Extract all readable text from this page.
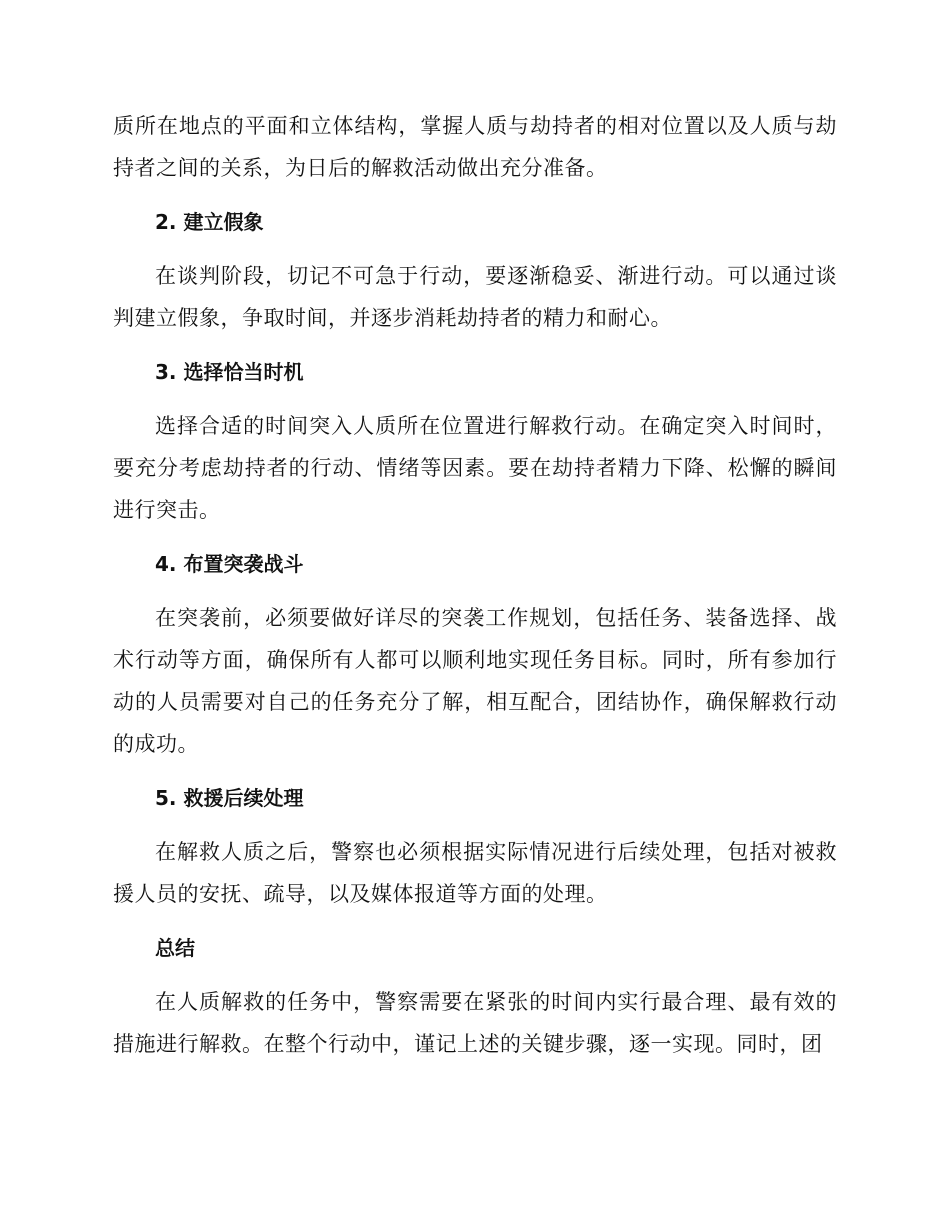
质所在地点的平面和立体结构，掌握人质与劫持者的相对位置以及人质与劫持者之间的关系，为日后的解救活动做出充分准备。

2. 建立假象

在谈判阶段，切记不可急于行动，要逐渐稳妥、渐进行动。可以通过谈判建立假象，争取时间，并逐步消耗劫持者的精力和耐心。

3. 选择恰当时机

选择合适的时间突入人质所在位置进行解救行动。在确定突入时间时，要充分考虑劫持者的行动、情绪等因素。要在劫持者精力下降、松懈的瞬间进行突击。

4. 布置突袭战斗

在突袭前，必须要做好详尽的突袭工作规划，包括任务、装备选择、战术行动等方面，确保所有人都可以顺利地实现任务目标。同时，所有参加行动的人员需要对自己的任务充分了解，相互配合，团结协作，确保解救行动的成功。

5. 救援后续处理

在解救人质之后，警察也必须根据实际情况进行后续处理，包括对被救援人员的安抚、疏导，以及媒体报道等方面的处理。

总结

在人质解救的任务中，警察需要在紧张的时间内实行最合理、最有效的措施进行解救。在整个行动中，谨记上述的关键步骤，逐一实现。同时，团
